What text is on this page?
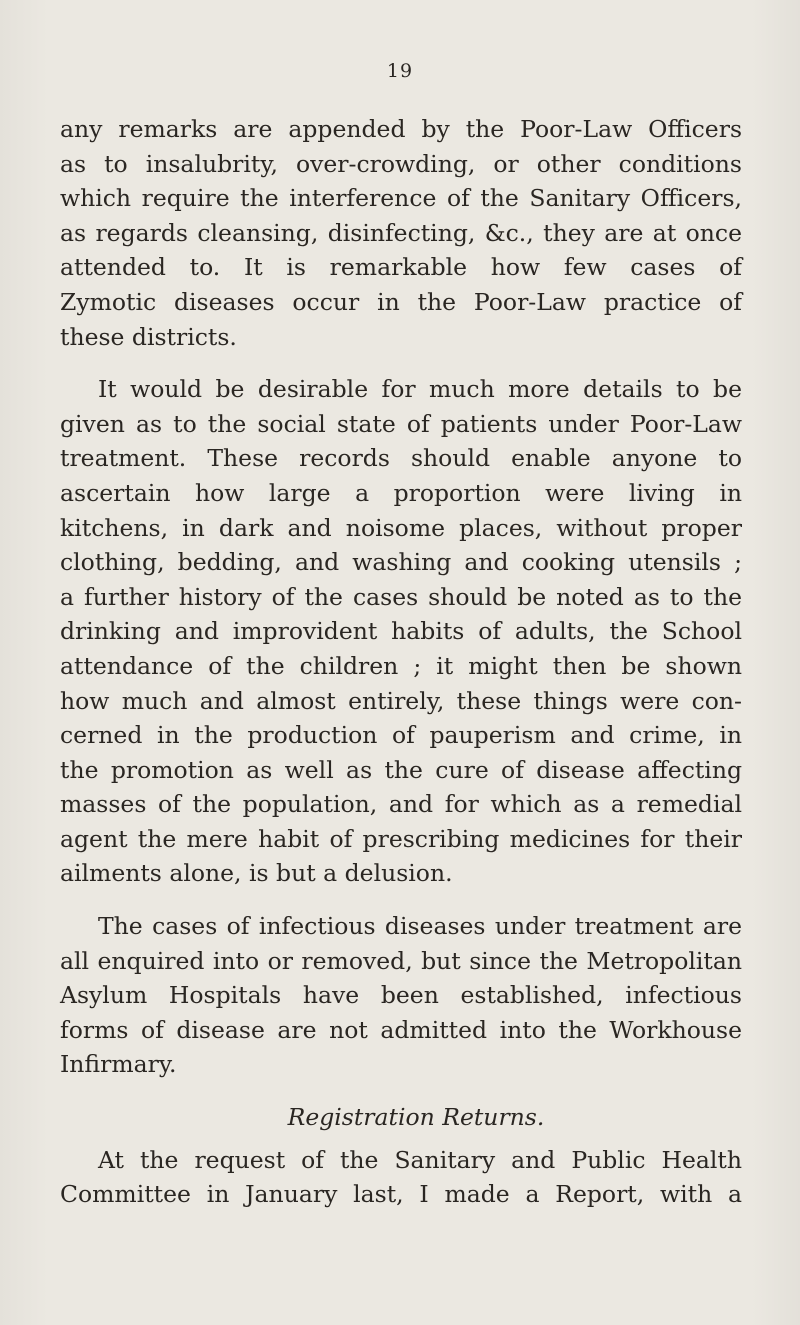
19

any remarks are appended by the Poor-Law Officers
as to insalubrity, over-crowding, or other conditions
which require the interference of the Sanitary Officers,
as regards cleansing, disinfecting, &c., they are at once
attended to. It is remarkable how few cases of
Zymotic diseases occur in the Poor-Law practice of
these districts.

It would be desirable for much more details to be
given as to the social state of patients under Poor-Law
treatment. These records should enable anyone to
ascertain how large a proportion were living in
kitchens, in dark and noisome places, without proper
clothing, bedding, and washing and cooking utensils ;
a further history of the cases should be noted as to the
drinking and improvident habits of adults, the School
attendance of the children ; it might then be shown
how much and almost entirely, these things were con-
cerned in the production of pauperism and crime, in
the promotion as well as the cure of disease affecting
masses of the population, and for which as a remedial
agent the mere habit of prescribing medicines for their
ailments alone, is but a delusion.

The cases of infectious diseases under treatment are
all enquired into or removed, but since the Metropolitan
Asylum Hospitals have been established, infectious
forms of disease are not admitted into the Workhouse
Infirmary.

Registration Returns.

At the request of the Sanitary and Public Health
Committee in January last, I made a Report, with a
